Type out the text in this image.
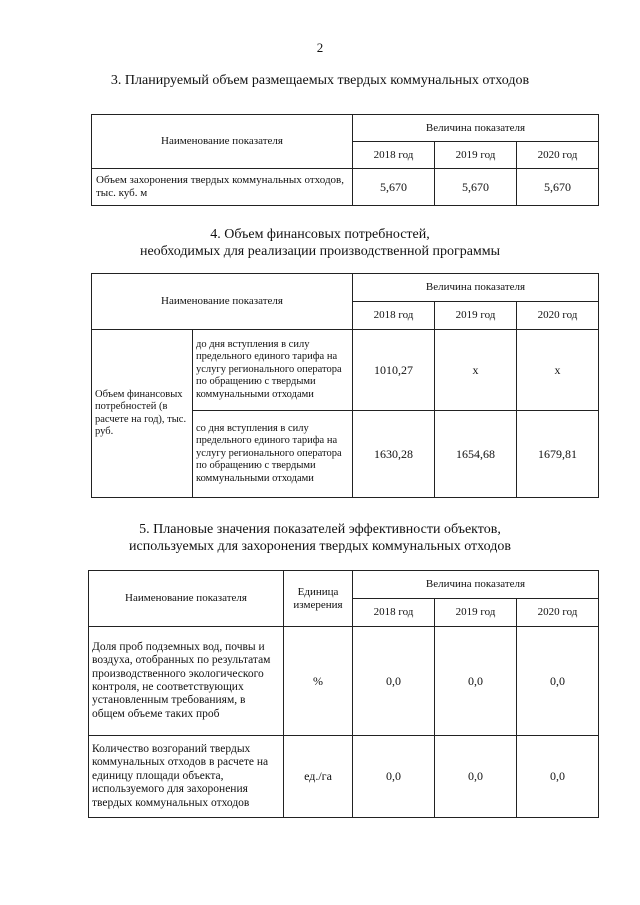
2
3. Планируемый объем размещаемых твердых коммунальных отходов
Наименование показателя	Величина показателя		
	2018 год	2019 год	2020 год
Объем захоронения твердых коммунальных отходов, тыс. куб. м	5,670	5,670	5,670
4. Объем финансовых потребностей,
необходимых для реализации производственной программы
Наименование показателя		Величина показателя		
		2018 год	2019 год	2020 год
Объем финансовых потребностей (в расчете на год), тыс. руб.	до дня вступления в силу предельного единого тарифа на услугу регионального оператора по обращению с твердыми коммунальными отходами	1010,27	x	x
	со дня вступления в силу предельного единого тарифа на услугу регионального оператора по обращению с твердыми коммунальными отходами	1630,28	1654,68	1679,81
5. Плановые значения показателей эффективности объектов,
используемых для захоронения твердых коммунальных отходов
Наименование показателя	Единица измерения	Величина показателя		
		2018 год	2019 год	2020 год
Доля проб подземных вод, почвы и воздуха, отобранных по результатам производственного экологического контроля, не соответствующих установленным требованиям, в общем объеме таких проб	%	0,0	0,0	0,0
Количество возгораний твердых коммунальных отходов в расчете на единицу площади объекта, используемого для захоронения твердых коммунальных отходов	ед./га	0,0	0,0	0,0
